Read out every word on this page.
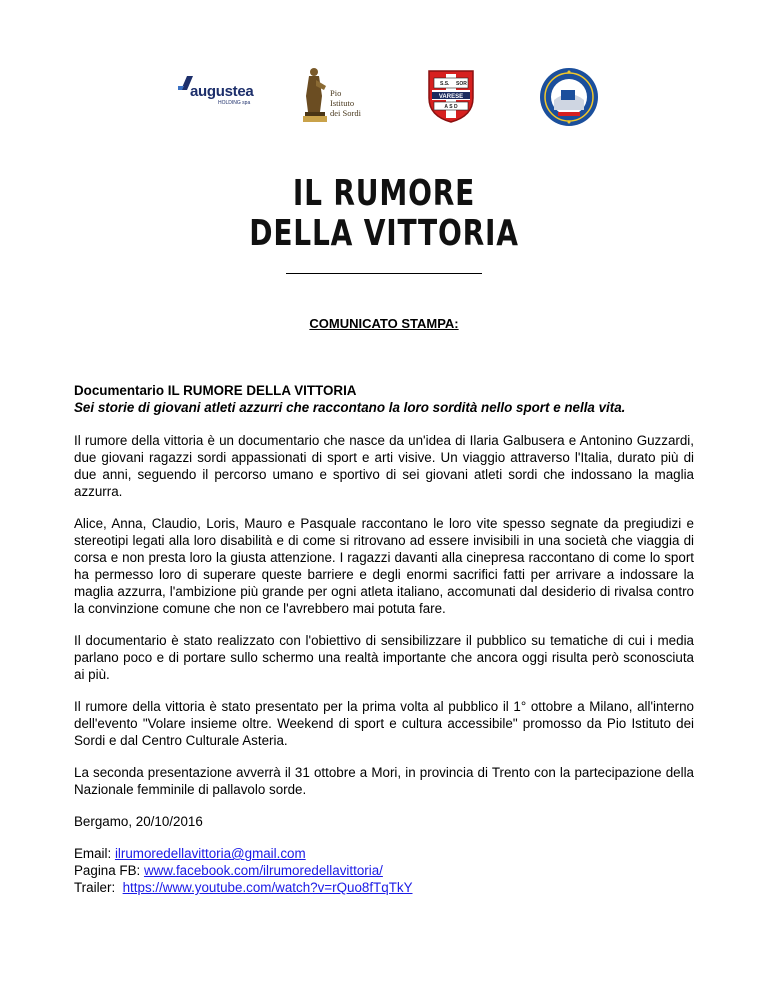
augustea
HOLDING spa
Pio
Istituto
dei Sordi
S.S. SOR
VARESE
A S D
IL RUMORE
DELLA VITTORIA
COMUNICATO STAMPA:

Documentario IL RUMORE DELLA VITTORIA
Sei storie di giovani atleti azzurri che raccontano la loro sordità nello sport e nella vita.

Il rumore della vittoria è un documentario che nasce da un'idea di Ilaria Galbusera e Antonino Guzzardi, due giovani ragazzi sordi appassionati di sport e arti visive. Un viaggio attraverso l'Italia, durato più di due anni, seguendo il percorso umano e sportivo di sei giovani atleti sordi che indossano la maglia azzurra.

Alice, Anna, Claudio, Loris, Mauro e Pasquale raccontano le loro vite spesso segnate da pregiudizi e stereotipi legati alla loro disabilità e di come si ritrovano ad essere invisibili in una società che viaggia di corsa e non presta loro la giusta attenzione. I ragazzi davanti alla cinepresa raccontano di come lo sport ha permesso loro di superare queste barriere e degli enormi sacrifici fatti per arrivare a indossare la maglia azzurra, l'ambizione più grande per ogni atleta italiano, accomunati dal desiderio di rivalsa contro la convinzione comune che non ce l'avrebbero mai potuta fare.

Il documentario è stato realizzato con l'obiettivo di sensibilizzare il pubblico su tematiche di cui i media parlano poco e di portare sullo schermo una realtà importante che ancora oggi risulta però sconosciuta ai più.

Il rumore della vittoria è stato presentato per la prima volta al pubblico il 1° ottobre a Milano, all'interno dell'evento "Volare insieme oltre. Weekend di sport e cultura accessibile" promosso da Pio Istituto dei Sordi e dal Centro Culturale Asteria.

La seconda presentazione avverrà il 31 ottobre a Mori, in provincia di Trento con la partecipazione della Nazionale femminile di pallavolo sorde.

Bergamo, 20/10/2016

Email: ilrumoredellavittoria@gmail.com
Pagina FB: www.facebook.com/ilrumoredellavittoria/
Trailer:  https://www.youtube.com/watch?v=rQuo8fTqTkY
